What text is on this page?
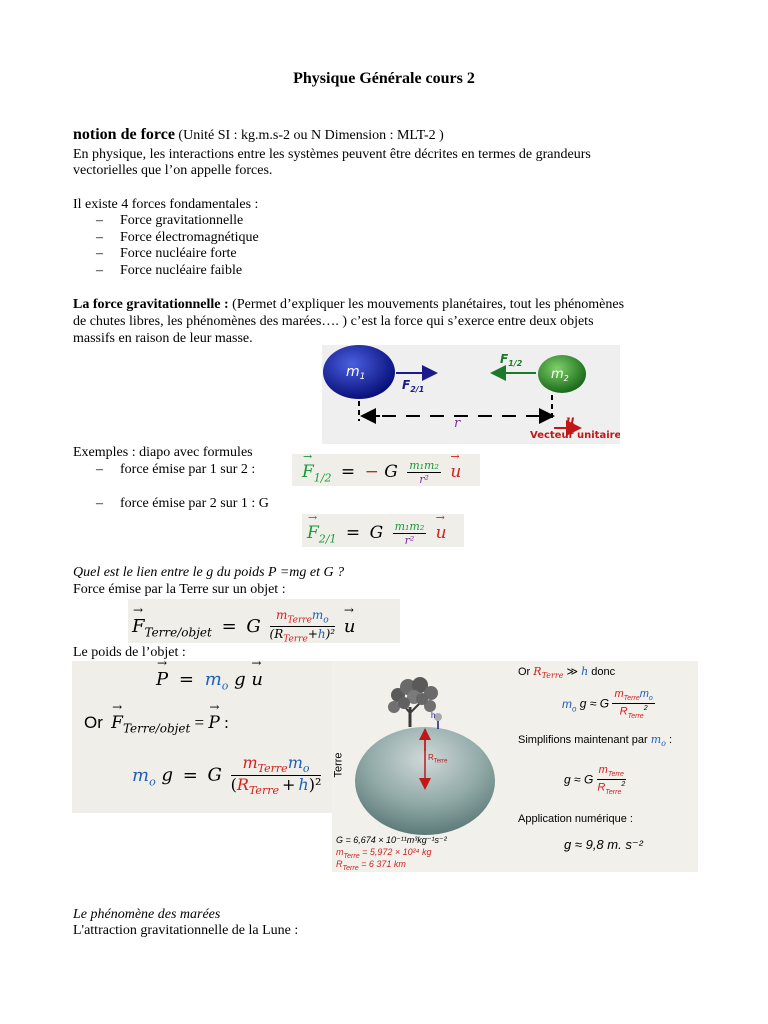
Physique Générale cours 2
notion de force (Unité SI : kg.m.s-2 ou N Dimension : MLT-2 )
En physique, les interactions entre les systèmes peuvent être décrites en termes de grandeurs
vectorielles que l’on appelle forces.
Il existe 4 forces fondamentales :
– Force gravitationnelle
– Force électromagnétique
– Force nucléaire forte
– Force nucléaire faible
La force gravitationnelle : (Permet d’expliquer les mouvements planétaires, tout les phénomènes
de chutes libres, les phénomènes des marées…. ) c’est la force qui s’exerce entre deux objets
massifs en raison de leur masse.
$m_1$
$F_{2/1}$
$m_2$
$F_{1/2}$
r	u
Vecteur unitaire
Exemples : diapo avec formules
– force émise par 1 sur 2 :
– force émise par 2 sur 1 : G
→
$F_{1/2}$ = − G $\frac{\text{m₁m₂}}{\text{r²}}$

→
u
→
$F_{2/1} = G \frac{\text{m₁m₂}}{\text{r²}}$

→
u
Quel est le lien entre le g du poids P =mg et G ?
Force émise par la Terre sur un objet :
→
$F_{Terre/objet} = G \frac{m_{Terre}m_o}{(R_{Terre}+h)^2}$
→
u
Le poids de l’objet :
→
$P = m_o$ g
→
u
Or
→
$F_{Terre/objet}$ =
→
P :
$m_o$ g = G $\frac{m_{Terre}m_o}{(R_{Terre} + h)^2}$
h
$R_{Terre}$
Terre
G = 6,674 × 10⁻¹¹m³kg⁻¹s⁻²
$m_{Terre} = 5,972 \times 10^{24}$ kg
$R_{Terre} = 6$ 371 km
Or $R_{Terre}$ ≫ h donc
$m_o$ g ≈ G $\frac{m_{Terre}m_o}{R_{Terre}^2}$
Simplifions maintenant par $m_o$ :
g ≈ G $\frac{m_{Terre}}{R_{Terre}^2}$
Application numérique :
g ≈ 9,8 m. s⁻²
Le phénomène des marées
L'attraction gravitationnelle de la Lune :
